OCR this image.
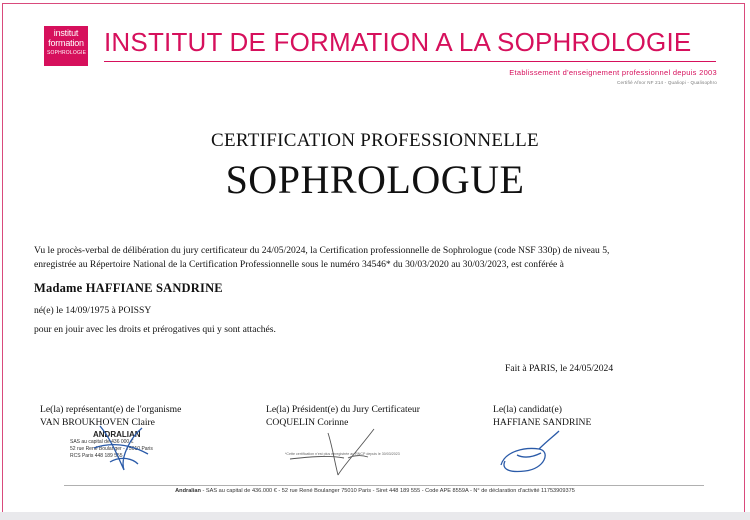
institut
formation
SOPHROLOGIE INSTITUT DE FORMATION A LA SOPHROLOGIE
Etablissement d'enseignement professionnel depuis 2003
Certifié Afnor NF 214 - Qualiopi - Qualisophro
CERTIFICATION PROFESSIONNELLE
SOPHROLOGUE
Vu le procès-verbal de délibération du jury certificateur du 24/05/2024, la Certification professionnelle de Sophrologue (code NSF 330p) de niveau 5,
enregistrée au Répertoire National de la Certification Professionnelle sous le numéro 34546* du 30/03/2020 au 30/03/2023, est conférée à
Madame HAFFIANE SANDRINE
né(e) le 14/09/1975 à POISSY
pour en jouir avec les droits et prérogatives qui y sont attachés.
Fait à PARIS, le 24/05/2024
Le(la) représentant(e) de l'organisme
VAN BROUKHOVEN Claire
Le(la) Président(e) du Jury Certificateur
COQUELIN Corinne
Le(la) candidat(e)
HAFFIANE SANDRINE
ANDRALIAN
SAS au capital de 436 000 €
52 rue René Boulanger - 75010 Paris
RCS Paris 448 189 555	*Cette certification n'est plus enregistrée au RNCP depuis le 30/03/2023
Andralian - SAS au capital de 436.000 € - 52 rue René Boulanger 75010 Paris - Siret 448 189 555 - Code APE 8559A - N° de déclaration d'activité 11753909375
